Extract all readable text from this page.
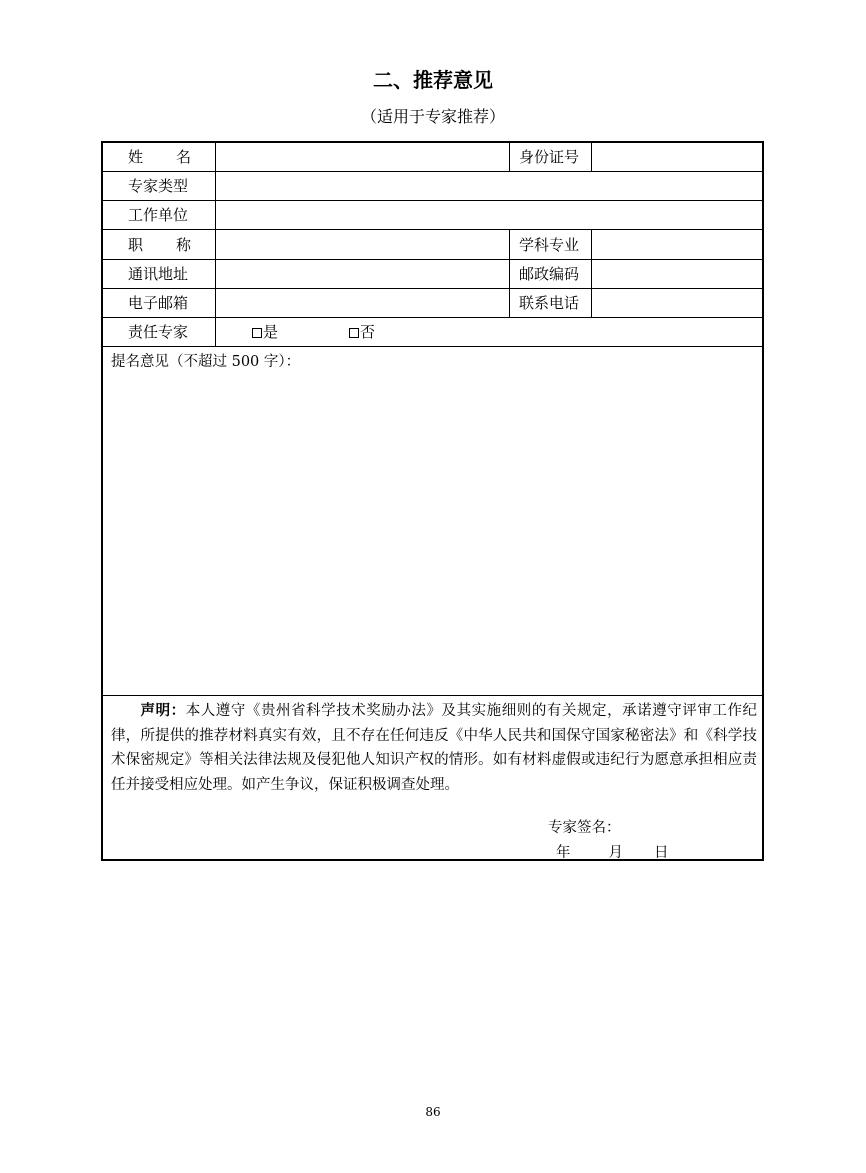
二、推荐意见
（适用于专家推荐）
姓 名	身份证号
专家类型
工作单位
职 称	学科专业
通讯地址	邮政编码
电子邮箱	联系电话
责任专家	是	否
提名意见（不超过 500 字）：
  声明：本人遵守《贵州省科学技术奖励办法》及其实施细则的有关规定，承诺遵守评审工作纪律，所提供的推荐材料真实有效，且不存在任何违反《中华人民共和国保守国家秘密法》和《科学技术保密规定》等相关法律法规及侵犯他人知识产权的情形。如有材料虚假或违纪行为愿意承担相应责任并接受相应处理。如产生争议，保证积极调查处理。
专家签名：
年	月 日
86
